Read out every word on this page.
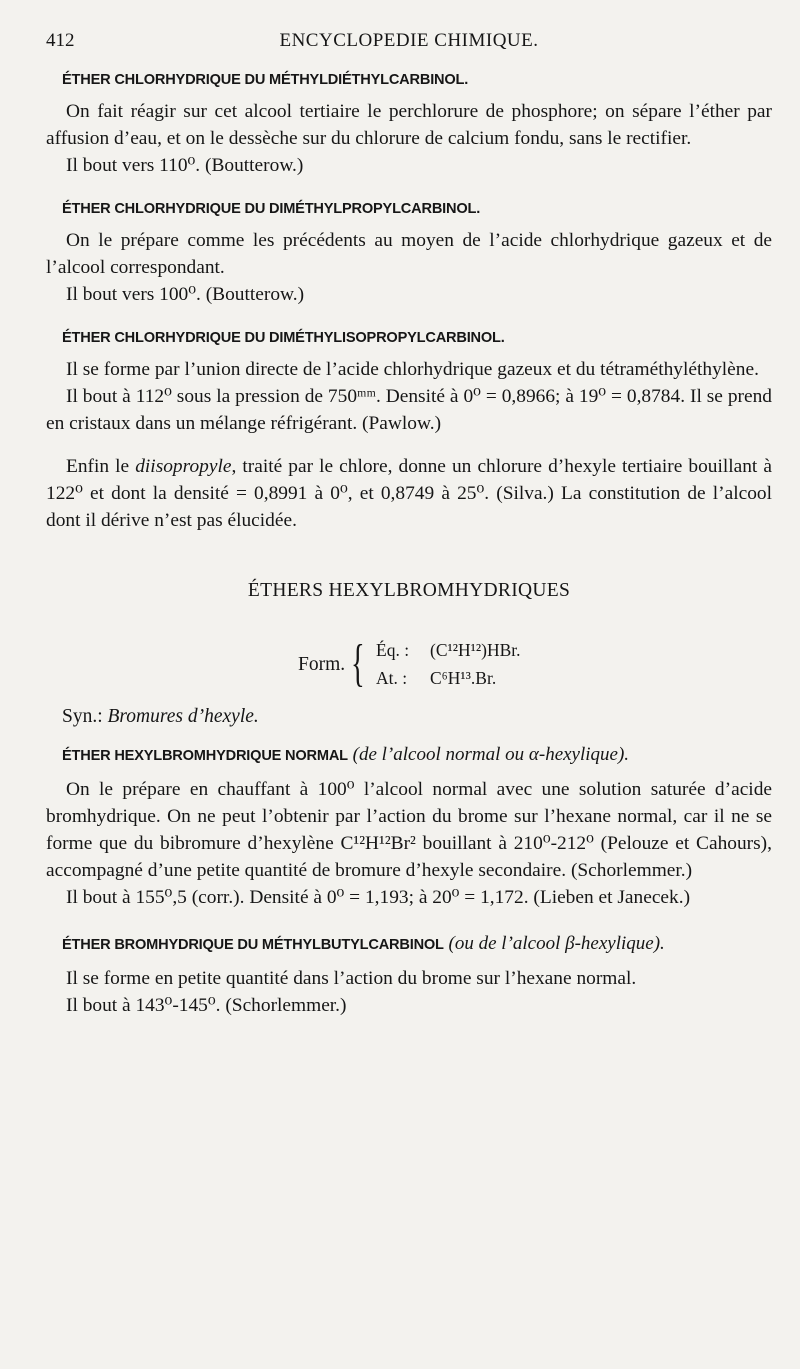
412	ENCYCLOPEDIE CHIMIQUE.
ÉTHER CHLORHYDRIQUE DU MÉTHYLDIÉTHYLCARBINOL.

On fait réagir sur cet alcool tertiaire le perchlorure de phosphore; on sépare l’éther par affusion d’eau, et on le dessèche sur du chlorure de calcium fondu, sans le rectifier.

Il bout vers 110⁰. (Boutterow.)

ÉTHER CHLORHYDRIQUE DU DIMÉTHYLPROPYLCARBINOL.

On le prépare comme les précédents au moyen de l’acide chlorhydrique gazeux et de l’alcool correspondant.

Il bout vers 100⁰. (Boutterow.)

ÉTHER CHLORHYDRIQUE DU DIMÉTHYLISOPROPYLCARBINOL.

Il se forme par l’union directe de l’acide chlorhydrique gazeux et du tétraméthyléthylène.

Il bout à 112⁰ sous la pression de 750ᵐᵐ. Densité à 0⁰ = 0,8966; à 19⁰ = 0,8784. Il se prend en cristaux dans un mélange réfrigérant. (Pawlow.)

Enfin le diisopropyle, traité par le chlore, donne un chlorure d’hexyle tertiaire bouillant à 122⁰ et dont la densité = 0,8991 à 0⁰, et 0,8749 à 25⁰. (Silva.) La constitution de l’alcool dont il dérive n’est pas élucidée.

ÉTHERS HEXYLBROMHYDRIQUES
Form. { Éq. : (C¹²H¹²)HBr.
At. : C⁶H¹³.Br.
Syn.: Bromures d’hexyle.
ÉTHER HEXYLBROMHYDRIQUE NORMAL (de l’alcool normal ou α-hexylique).

On le prépare en chauffant à 100⁰ l’alcool normal avec une solution saturée d’acide bromhydrique. On ne peut l’obtenir par l’action du brome sur l’hexane normal, car il ne se forme que du bibromure d’hexylène C¹²H¹²Br² bouillant à 210⁰-212⁰ (Pelouze et Cahours), accompagné d’une petite quantité de bromure d’hexyle secondaire. (Schorlemmer.)

Il bout à 155⁰,5 (corr.). Densité à 0⁰ = 1,193; à 20⁰ = 1,172. (Lieben et Janecek.)

ÉTHER BROMHYDRIQUE DU MÉTHYLBUTYLCARBINOL (ou de l’alcool β-hexylique).

Il se forme en petite quantité dans l’action du brome sur l’hexane normal.

Il bout à 143⁰-145⁰. (Schorlemmer.)
